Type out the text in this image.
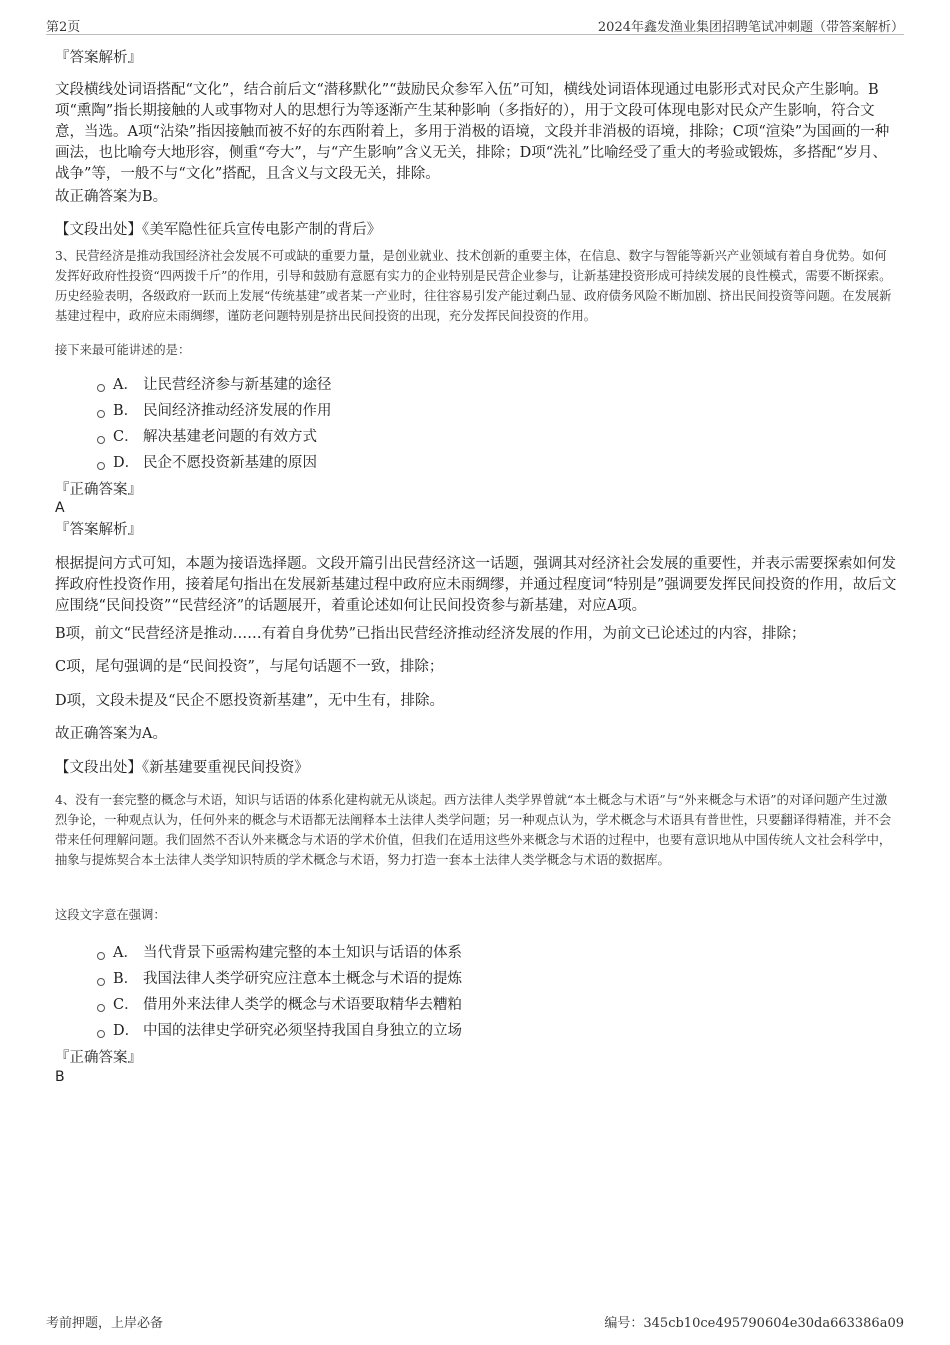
第2页	2024年鑫发渔业集团招聘笔试冲刺题（带答案解析）
『答案解析』
文段横线处词语搭配“文化”，结合前后文“潜移默化”“鼓励民众参军入伍”可知，横线处词语体现通过电影形式对民众产生影响。B项“熏陶”指长期接触的人或事物对人的思想行为等逐渐产生某种影响（多指好的），用于文段可体现电影对民众产生影响，符合文意，当选。A项“沾染”指因接触而被不好的东西附着上，多用于消极的语境，文段并非消极的语境，排除；C项“渲染”为国画的一种画法，也比喻夸大地形容，侧重“夸大”，与“产生影响”含义无关，排除；D项“洗礼”比喻经受了重大的考验或锻炼，多搭配“岁月、战争”等，一般不与“文化”搭配，且含义与文段无关，排除。
故正确答案为B。
【文段出处】《美军隐性征兵宣传电影产制的背后》
3、民营经济是推动我国经济社会发展不可或缺的重要力量，是创业就业、技术创新的重要主体，在信息、数字与智能等新兴产业领域有着自身优势。如何发挥好政府性投资“四两拨千斤”的作用，引导和鼓励有意愿有实力的企业特别是民营企业参与，让新基建投资形成可持续发展的良性模式，需要不断探索。历史经验表明，各级政府一跃而上发展“传统基建”或者某一产业时，往往容易引发产能过剩凸显、政府债务风险不断加剧、挤出民间投资等问题。在发展新基建过程中，政府应未雨绸缪，谨防老问题特别是挤出民间投资的出现，充分发挥民间投资的作用。
接下来最可能讲述的是：
A． 让民营经济参与新基建的途径
B． 民间经济推动经济发展的作用
C． 解决基建老问题的有效方式
D． 民企不愿投资新基建的原因
『正确答案』
A
『答案解析』
根据提问方式可知，本题为接语选择题。文段开篇引出民营经济这一话题，强调其对经济社会发展的重要性，并表示需要探索如何发挥政府性投资作用，接着尾句指出在发展新基建过程中政府应未雨绸缪，并通过程度词“特别是”强调要发挥民间投资的作用，故后文应围绕“民间投资”“民营经济”的话题展开，着重论述如何让民间投资参与新基建，对应A项。
B项，前文“民营经济是推动……有着自身优势”已指出民营经济推动经济发展的作用，为前文已论述过的内容，排除；
C项，尾句强调的是“民间投资”，与尾句话题不一致，排除；
D项，文段未提及“民企不愿投资新基建”，无中生有，排除。
故正确答案为A。
【文段出处】《新基建要重视民间投资》
4、没有一套完整的概念与术语，知识与话语的体系化建构就无从谈起。西方法律人类学界曾就“本土概念与术语”与“外来概念与术语”的对译问题产生过激烈争论，一种观点认为，任何外来的概念与术语都无法阐释本土法律人类学问题；另一种观点认为，学术概念与术语具有普世性，只要翻译得精准，并不会带来任何理解问题。我们固然不否认外来概念与术语的学术价值，但我们在适用这些外来概念与术语的过程中，也要有意识地从中国传统人文社会科学中，抽象与提炼契合本土法律人类学知识特质的学术概念与术语，努力打造一套本土法律人类学概念与术语的数据库。
这段文字意在强调：
A． 当代背景下亟需构建完整的本土知识与话语的体系
B． 我国法律人类学研究应注意本土概念与术语的提炼
C． 借用外来法律人类学的概念与术语要取精华去糟粕
D． 中国的法律史学研究必须坚持我国自身独立的立场
『正确答案』
B
考前押题，上岸必备	编号：345cb10ce495790604e30da663386a09
